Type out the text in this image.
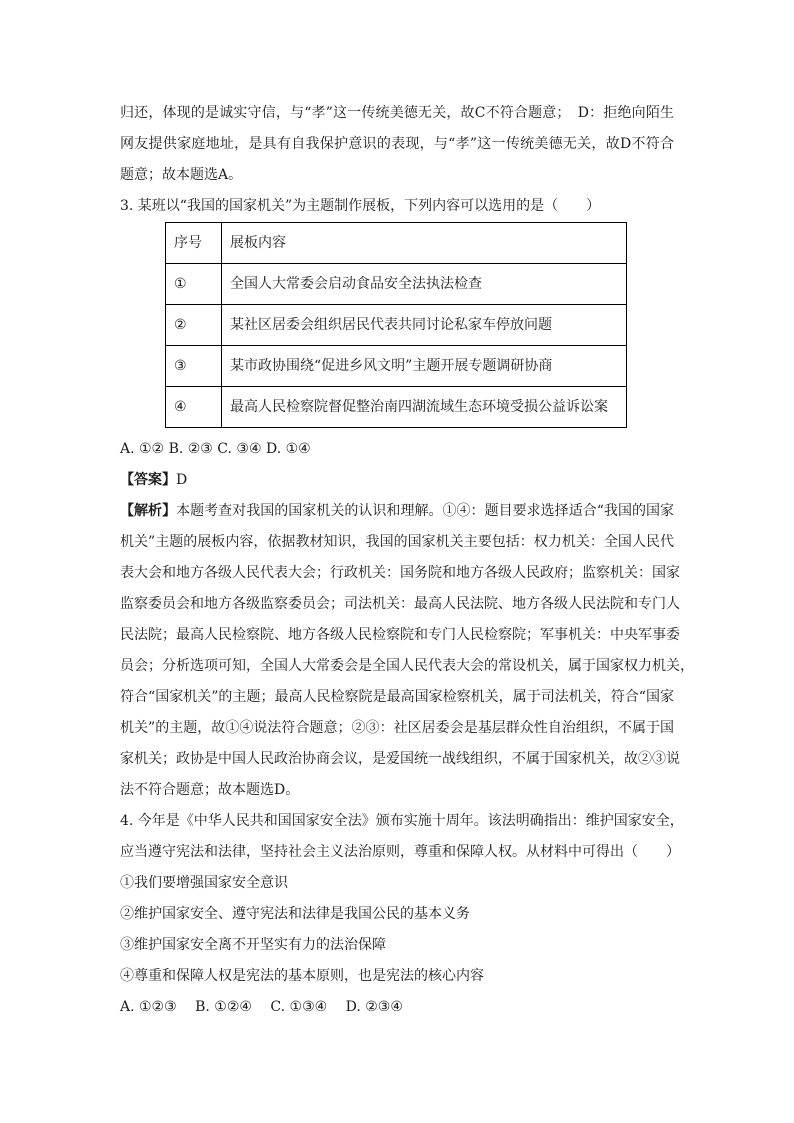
归还，体现的是诚实守信，与“孝”这一传统美德无关，故C不符合题意；　D：拒绝向陌生
网友提供家庭地址，是具有自我保护意识的表现，与“孝”这一传统美德无关，故D不符合
题意；故本题选A。
3. 某班以“我国的国家机关”为主题制作展板，下列内容可以选用的是（　　）
序号	展板内容
①	全国人大常委会启动食品安全法执法检查
②	某社区居委会组织居民代表共同讨论私家车停放问题
③	某市政协围绕“促进乡风文明”主题开展专题调研协商
④	最高人民检察院督促整治南四湖流域生态环境受损公益诉讼案
A. ①② B. ②③ C. ③④ D. ①④
【答案】D
【解析】本题考查对我国的国家机关的认识和理解。①④：题目要求选择适合“我国的国家
机关”主题的展板内容，依据教材知识，我国的国家机关主要包括：权力机关：全国人民代
表大会和地方各级人民代表大会；行政机关：国务院和地方各级人民政府；监察机关：国家
监察委员会和地方各级监察委员会；司法机关：最高人民法院、地方各级人民法院和专门人
民法院；最高人民检察院、地方各级人民检察院和专门人民检察院；军事机关：中央军事委
员会；分析选项可知，全国人大常委会是全国人民代表大会的常设机关，属于国家权力机关，
符合“国家机关”的主题；最高人民检察院是最高国家检察机关，属于司法机关，符合“国家
机关”的主题，故①④说法符合题意；②③：社区居委会是基层群众性自治组织，不属于国
家机关；政协是中国人民政治协商会议，是爱国统一战线组织，不属于国家机关，故②③说
法不符合题意；故本题选D。
4. 今年是《中华人民共和国国家安全法》颁布实施十周年。该法明确指出：维护国家安全，
应当遵守宪法和法律，坚持社会主义法治原则，尊重和保障人权。从材料中可得出（　　）
①我们要增强国家安全意识
②维护国家安全、遵守宪法和法律是我国公民的基本义务
③维护国家安全离不开坚实有力的法治保障
④尊重和保障人权是宪法的基本原则，也是宪法的核心内容
A. ①②③　 B. ①②④　 C. ①③④　 D. ②③④
